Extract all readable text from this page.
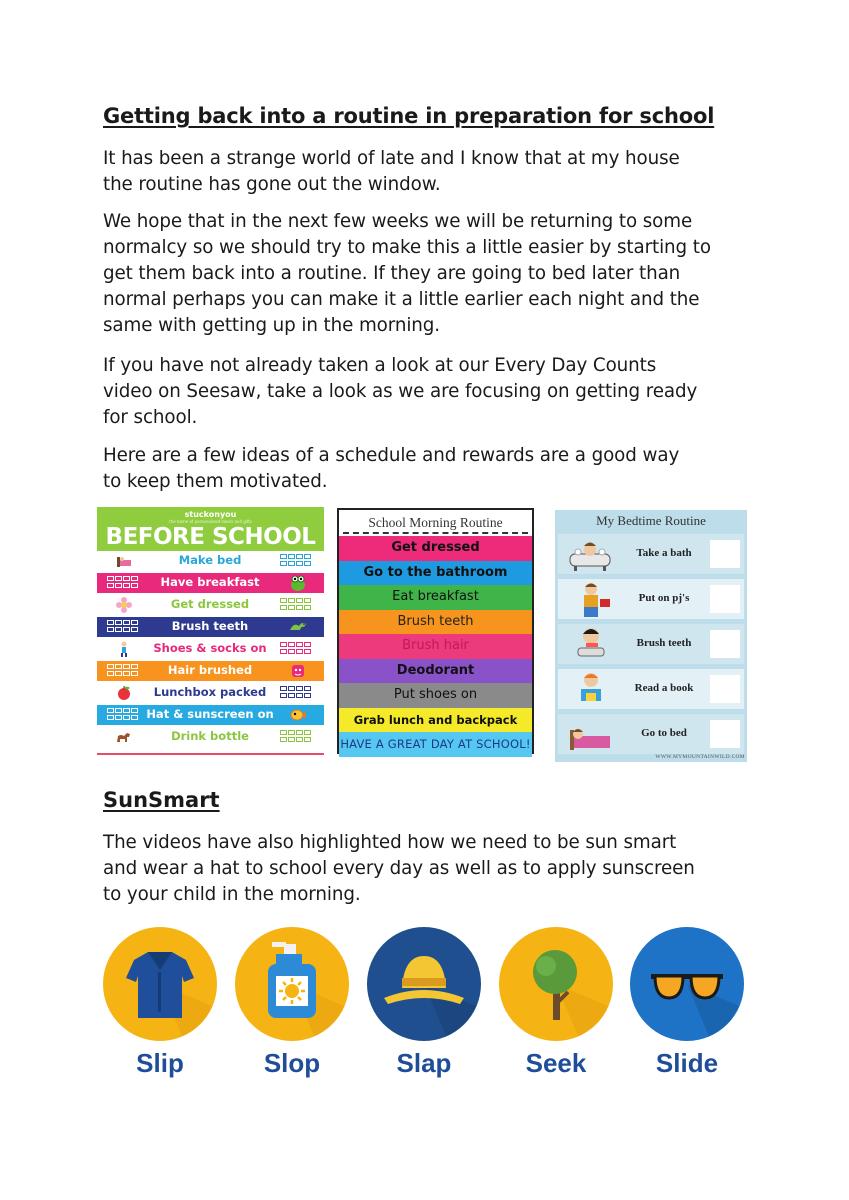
Getting back into a routine in preparation for school

It has been a strange world of late and I know that at my house
the routine has gone out the window.

We hope that in the next few weeks we will be returning to some
normalcy so we should try to make this a little easier by starting to
get them back into a routine. If they are going to bed later than
normal perhaps you can make it a little earlier each night and the
same with getting up in the morning.

If you have not already taken a look at our Every Day Counts
video on Seesaw, take a look as we are focusing on getting ready
for school.

Here are a few ideas of a schedule and rewards are a good way
to keep them motivated.

stuckonyou
the home of personalised labels and gifts
BEFORE SCHOOL
Make bed
Have breakfast
Get dressed
Brush teeth
Shoes & socks on
Hair brushed
Lunchbox packed
Hat & sunscreen on
Drink bottle
School Morning Routine
Get dressed
Go to the bathroom
Eat breakfast
Brush teeth
Brush hair
Deodorant
Put shoes on
Grab lunch and backpack
HAVE A GREAT DAY AT SCHOOL!
My Bedtime Routine
Take a bath
Put on pj's
Brush teeth
Read a book
Go to bed
WWW.MYMOUNTAINWILD.COM
SunSmart

The videos have also highlighted how we need to be sun smart
and wear a hat to school every day as well as to apply sunscreen
to your child in the morning.

Slip	Slop	Slap	Seek	Slide
